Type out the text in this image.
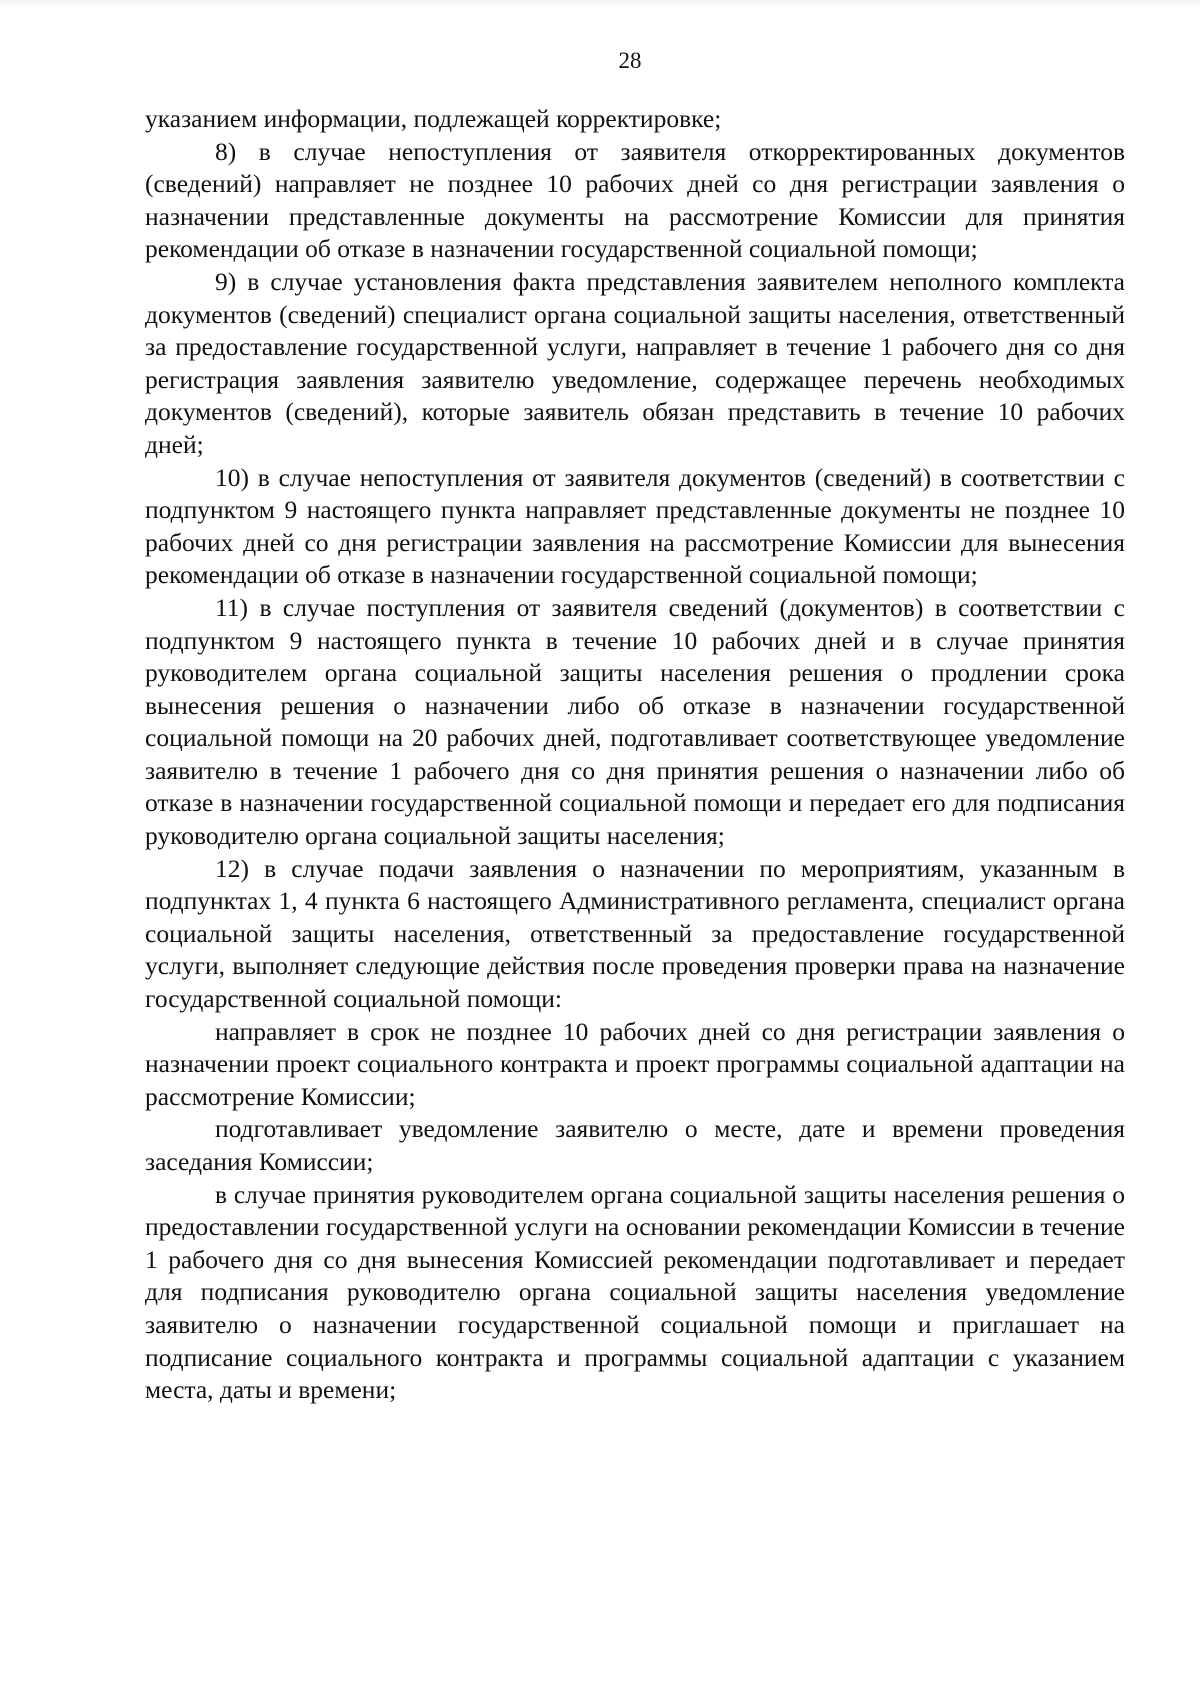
28

указанием информации, подлежащей корректировке;

8) в случае непоступления от заявителя откорректированных документов (сведений) направляет не позднее 10 рабочих дней со дня регистрации заявления о назначении представленные документы на рассмотрение Комиссии для принятия рекомендации об отказе в назначении государственной социальной помощи;

9) в случае установления факта представления заявителем неполного комплекта документов (сведений) специалист органа социальной защиты населения, ответственный за предоставление государственной услуги, направляет в течение 1 рабочего дня со дня регистрация заявления заявителю уведомление, содержащее перечень необходимых документов (сведений), которые заявитель обязан представить в течение 10 рабочих дней;

10) в случае непоступления от заявителя документов (сведений) в соответствии с подпунктом 9 настоящего пункта направляет представленные документы не позднее 10 рабочих дней со дня регистрации заявления на рассмотрение Комиссии для вынесения рекомендации об отказе в назначении государственной социальной помощи;

11) в случае поступления от заявителя сведений (документов) в соответствии с подпунктом 9 настоящего пункта в течение 10 рабочих дней и в случае принятия руководителем органа социальной защиты населения решения о продлении срока вынесения решения о назначении либо об отказе в назначении государственной социальной помощи на 20 рабочих дней, подготавливает соответствующее уведомление заявителю в течение 1 рабочего дня со дня принятия решения о назначении либо об отказе в назначении государственной социальной помощи и передает его для подписания руководителю органа социальной защиты населения;

12) в случае подачи заявления о назначении по мероприятиям, указанным в подпунктах 1, 4 пункта 6 настоящего Административного регламента, специалист органа социальной защиты населения, ответственный за предоставление государственной услуги, выполняет следующие действия после проведения проверки права на назначение государственной социальной помощи:

направляет в срок не позднее 10 рабочих дней со дня регистрации заявления о назначении проект социального контракта и проект программы социальной адаптации на рассмотрение Комиссии;

подготавливает уведомление заявителю о месте, дате и времени проведения заседания Комиссии;

в случае принятия руководителем органа социальной защиты населения решения о предоставлении государственной услуги на основании рекомендации Комиссии в течение 1 рабочего дня со дня вынесения Комиссией рекомендации подготавливает и передает для подписания руководителю органа социальной защиты населения уведомление заявителю о назначении государственной социальной помощи и приглашает на подписание социального контракта и программы социальной адаптации с указанием места, даты и времени;
